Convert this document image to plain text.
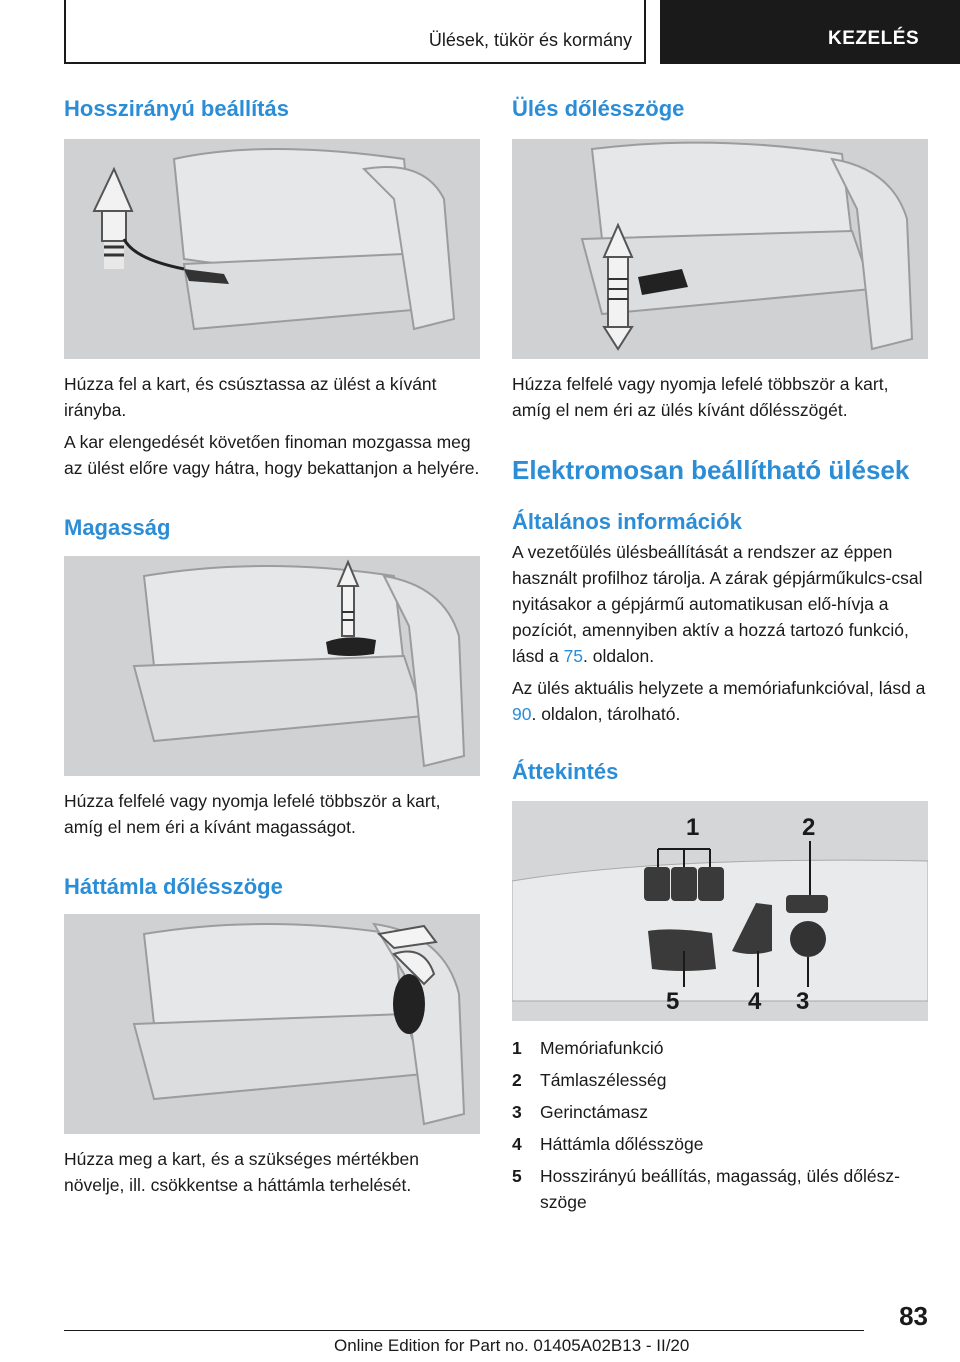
Ülések, tükör és kormány	KEZELÉS
Hosszirányú beállítás

Húzza fel a kart, és csúsztassa az ülést a kívánt irányba.

A kar elengedését követően finoman mozgassa meg az ülést előre vagy hátra, hogy bekattanjon a helyére.

Magasság

Húzza felfelé vagy nyomja lefelé többször a kart, amíg el nem éri a kívánt magasságot.

Háttámla dőlésszöge

Húzza meg a kart, és a szükséges mértékben növelje, ill. csökkentse a háttámla terhelését.

Ülés dőlésszöge

Húzza felfelé vagy nyomja lefelé többször a kart, amíg el nem éri az ülés kívánt dőlésszögét.

Elektromosan beállítható ülések
Általános információk

A vezetőülés ülésbeállítását a rendszer az éppen használt profilhoz tárolja. A zárak gépjárműkulcs-csal nyitásakor a gépjármű automatikusan elő-hívja a pozíciót, amennyiben aktív a hozzá tartozó funkció, lásd a 75. oldalon.

Az ülés aktuális helyzete a memóriafunkcióval, lásd a 90. oldalon, tárolható.

Áttekintés
1	2
3
4
5
1	Memóriafunkció
2	Támlaszélesség
3	Gerinctámasz
4	Háttámla dőlésszöge
5	Hosszirányú beállítás, magasság, ülés dőlész-szöge
83
Online Edition for Part no. 01405A02B13 - II/20
